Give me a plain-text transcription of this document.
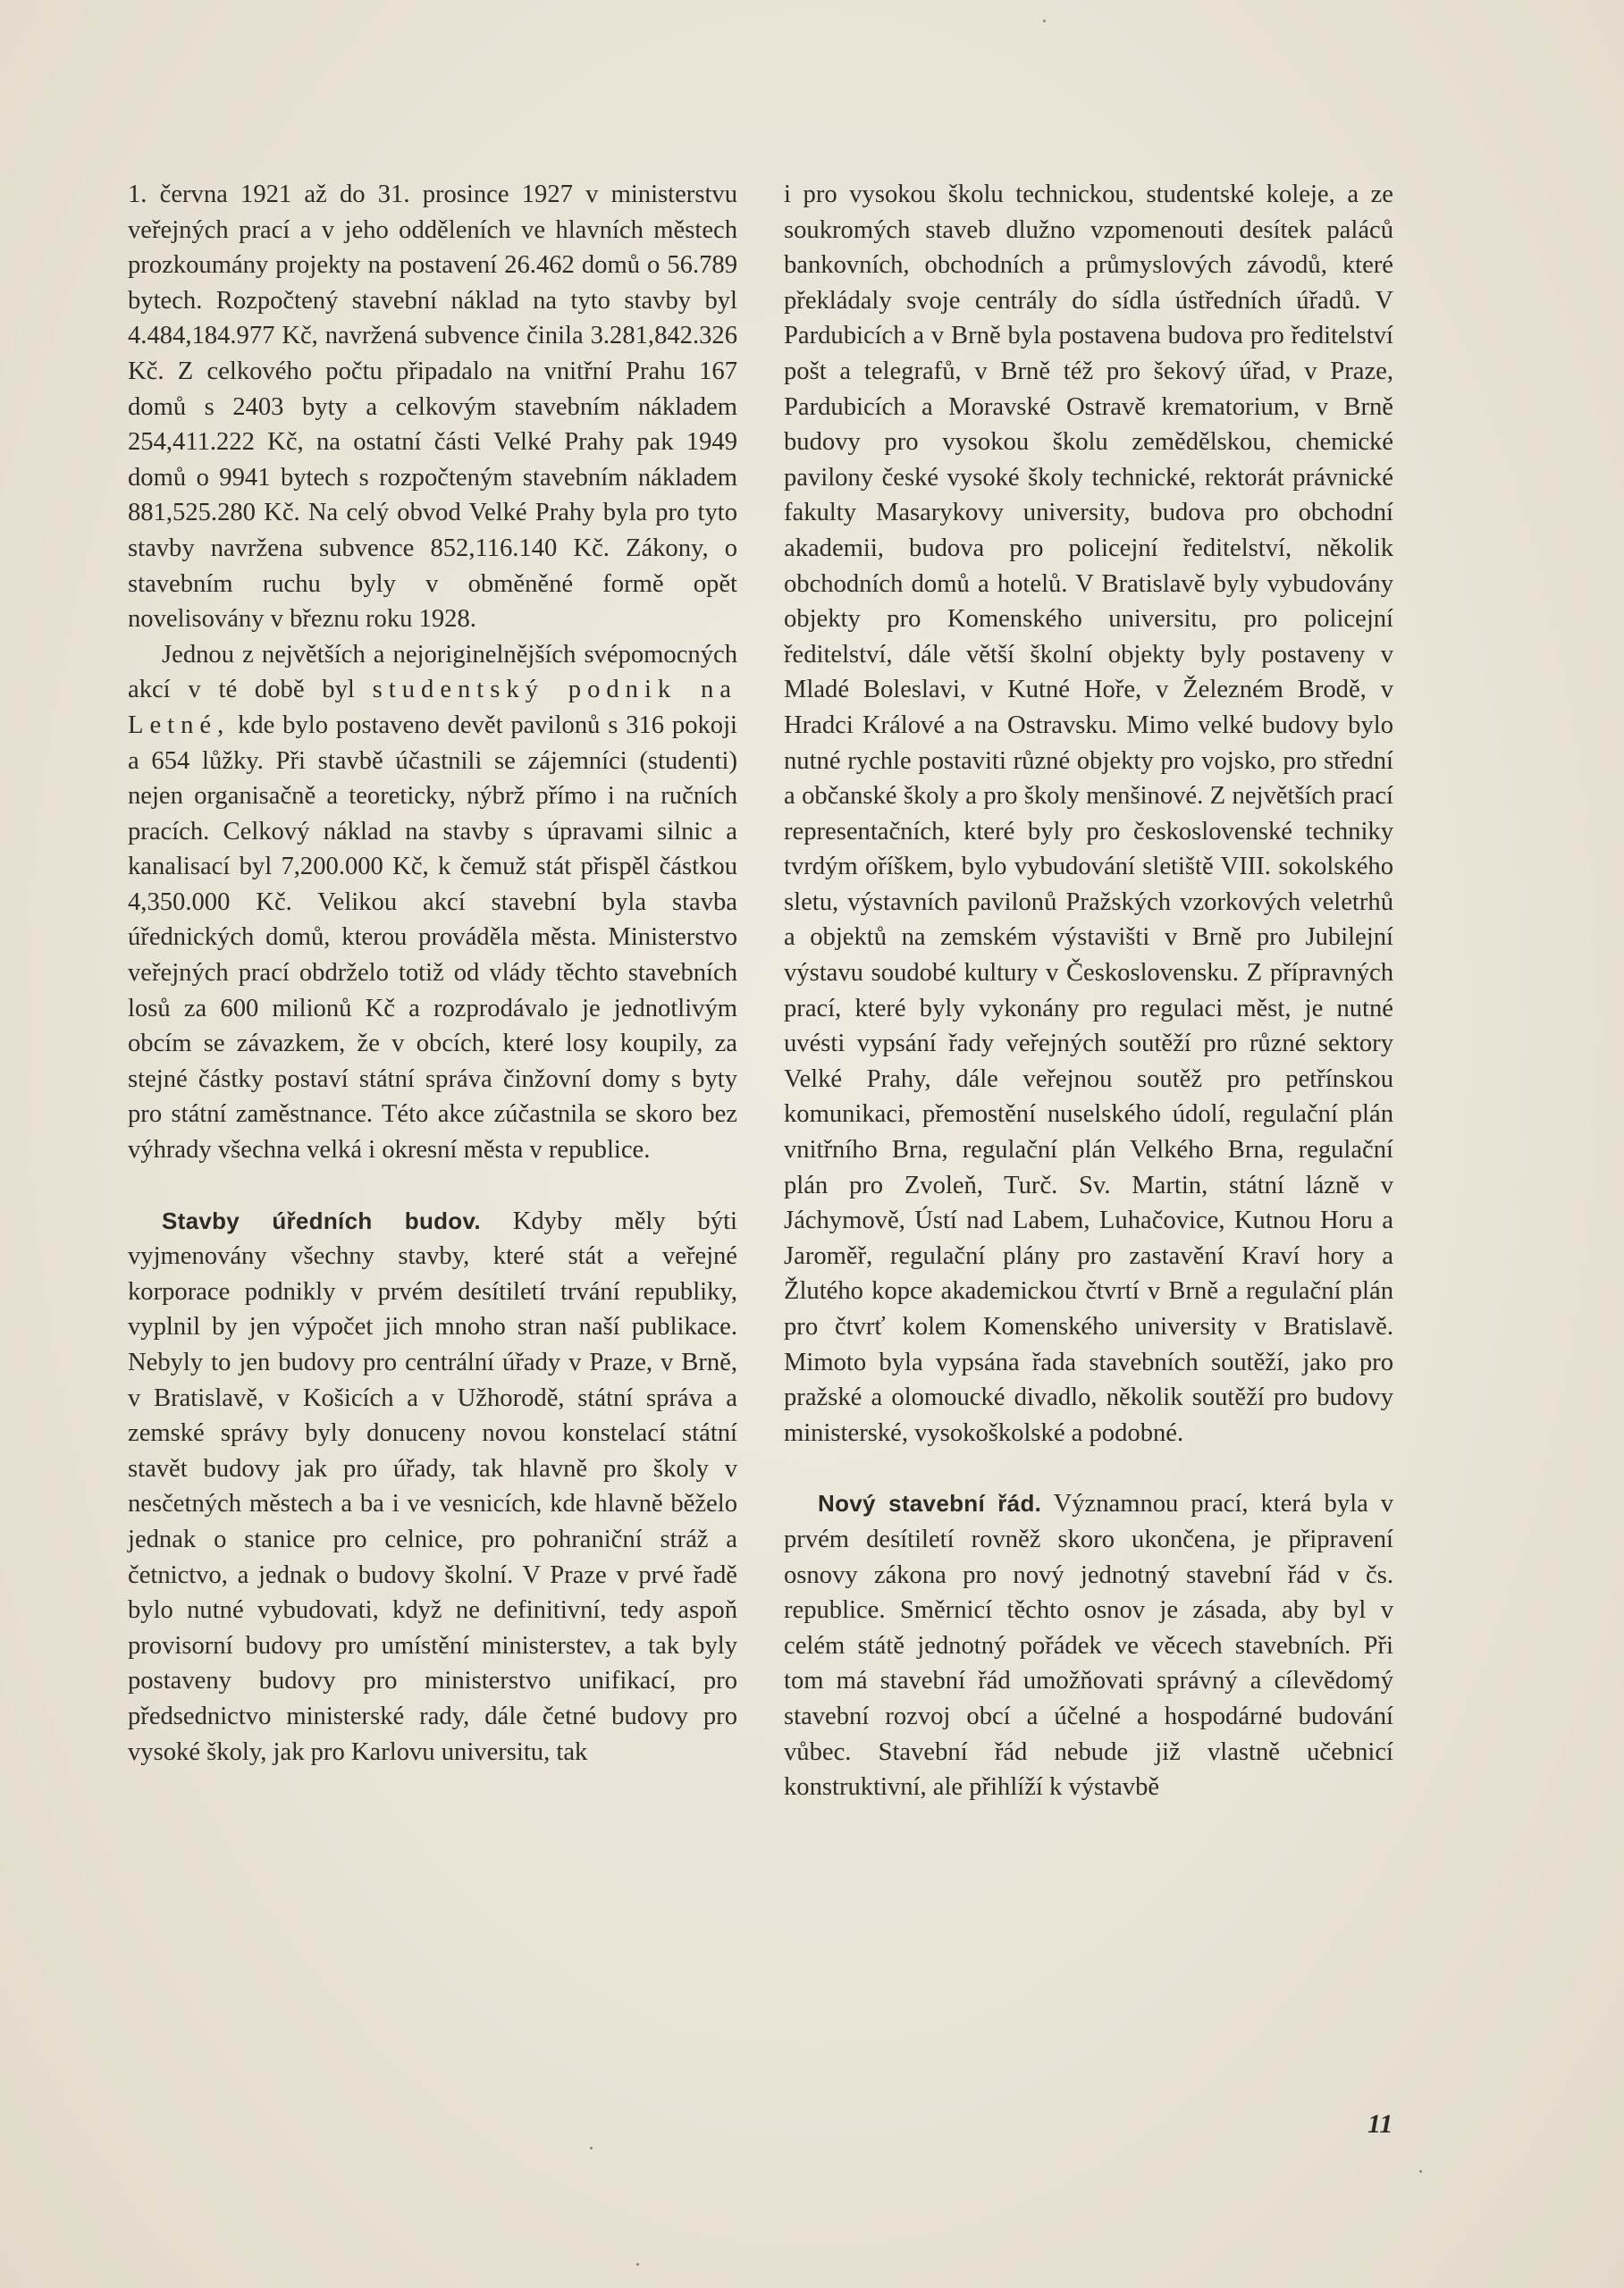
1. června 1921 až do 31. prosince 1927 v ministerstvu veřejných prací a v jeho odděleních ve hlavních městech prozkoumány projekty na postavení 26.462 domů o 56.789 bytech. Rozpočtený stavební náklad na tyto stavby byl 4.484,184.977 Kč, navržená subvence činila 3.281,842.326 Kč. Z celkového počtu připadalo na vnitřní Prahu 167 domů s 2403 byty a celkovým stavebním nákladem 254,411.222 Kč, na ostatní části Velké Prahy pak 1949 domů o 9941 bytech s rozpočteným stavebním nákladem 881,525.280 Kč. Na celý obvod Velké Prahy byla pro tyto stavby navržena subvence 852,116.140 Kč. Zákony, o stavebním ruchu byly v obměněné formě opět novelisovány v březnu roku 1928.

Jednou z největších a nejoriginelnějších svépomocných akcí v té době byl studentský podnik na Letné, kde bylo postaveno devět pavilonů s 316 pokoji a 654 lůžky. Při stavbě účastnili se zájemníci (studenti) nejen organisačně a teoreticky, nýbrž přímo i na ručních pracích. Celkový náklad na stavby s úpravami silnic a kanalisací byl 7,200.000 Kč, k čemuž stát přispěl částkou 4,350.000 Kč. Velikou akcí stavební byla stavba úřednických domů, kterou prováděla města. Ministerstvo veřejných prací obdrželo totiž od vlády těchto stavebních losů za 600 milionů Kč a rozprodávalo je jednotlivým obcím se závazkem, že v obcích, které losy koupily, za stejné částky postaví státní správa činžovní domy s byty pro státní zaměstnance. Této akce zúčastnila se skoro bez výhrady všechna velká i okresní města v republice.

Stavby úředních budov. Kdyby měly býti vyjmenovány všechny stavby, které stát a veřejné korporace podnikly v prvém desítiletí trvání republiky, vyplnil by jen výpočet jich mnoho stran naší publikace. Nebyly to jen budovy pro centrální úřady v Praze, v Brně, v Bratislavě, v Košicích a v Užhorodě, státní správa a zemské správy byly donuceny novou konstelací státní stavět budovy jak pro úřady, tak hlavně pro školy v nesčetných městech a ba i ve vesnicích, kde hlavně běželo jednak o stanice pro celnice, pro pohraniční stráž a četnictvo, a jednak o budovy školní. V Praze v prvé řadě bylo nutné vybudovati, když ne definitivní, tedy aspoň provisorní budovy pro umístění ministerstev, a tak byly postaveny budovy pro ministerstvo unifikací, pro předsednictvo ministerské rady, dále četné budovy pro vysoké školy, jak pro Karlovu universitu, tak

i pro vysokou školu technickou, studentské koleje, a ze soukromých staveb dlužno vzpomenouti desítek paláců bankovních, obchodních a průmyslových závodů, které překládaly svoje centrály do sídla ústředních úřadů. V Pardubicích a v Brně byla postavena budova pro ředitelství pošt a telegrafů, v Brně též pro šekový úřad, v Praze, Pardubicích a Moravské Ostravě krematorium, v Brně budovy pro vysokou školu zemědělskou, chemické pavilony české vysoké školy technické, rektorát právnické fakulty Masarykovy university, budova pro obchodní akademii, budova pro policejní ředitelství, několik obchodních domů a hotelů. V Bratislavě byly vybudovány objekty pro Komenského universitu, pro policejní ředitelství, dále větší školní objekty byly postaveny v Mladé Boleslavi, v Kutné Hoře, v Železném Brodě, v Hradci Králové a na Ostravsku. Mimo velké budovy bylo nutné rychle postaviti různé objekty pro vojsko, pro střední a občanské školy a pro školy menšinové. Z největších prací representačních, které byly pro československé techniky tvrdým oříškem, bylo vybudování sletiště VIII. sokolského sletu, výstavních pavilonů Pražských vzorkových veletrhů a objektů na zemském výstavišti v Brně pro Jubilejní výstavu soudobé kultury v Československu. Z přípravných prací, které byly vykonány pro regulaci měst, je nutné uvésti vypsání řady veřejných soutěží pro různé sektory Velké Prahy, dále veřejnou soutěž pro petřínskou komunikaci, přemostění nuselského údolí, regulační plán vnitřního Brna, regulační plán Velkého Brna, regulační plán pro Zvoleň, Turč. Sv. Martin, státní lázně v Jáchymově, Ústí nad Labem, Luhačovice, Kutnou Horu a Jaroměř, regulační plány pro zastavění Kraví hory a Žlutého kopce akademickou čtvrtí v Brně a regulační plán pro čtvrť kolem Komenského university v Bratislavě. Mimoto byla vypsána řada stavebních soutěží, jako pro pražské a olomoucké divadlo, několik soutěží pro budovy ministerské, vysokoškolské a podobné.

Nový stavební řád. Významnou prací, která byla v prvém desítiletí rovněž skoro ukončena, je připravení osnovy zákona pro nový jednotný stavební řád v čs. republice. Směrnicí těchto osnov je zásada, aby byl v celém státě jednotný pořádek ve věcech stavebních. Při tom má stavební řád umožňovati správný a cílevědomý stavební rozvoj obcí a účelné a hospodárné budování vůbec. Stavební řád nebude již vlastně učebnicí konstruktivní, ale přihlíží k výstavbě

11
